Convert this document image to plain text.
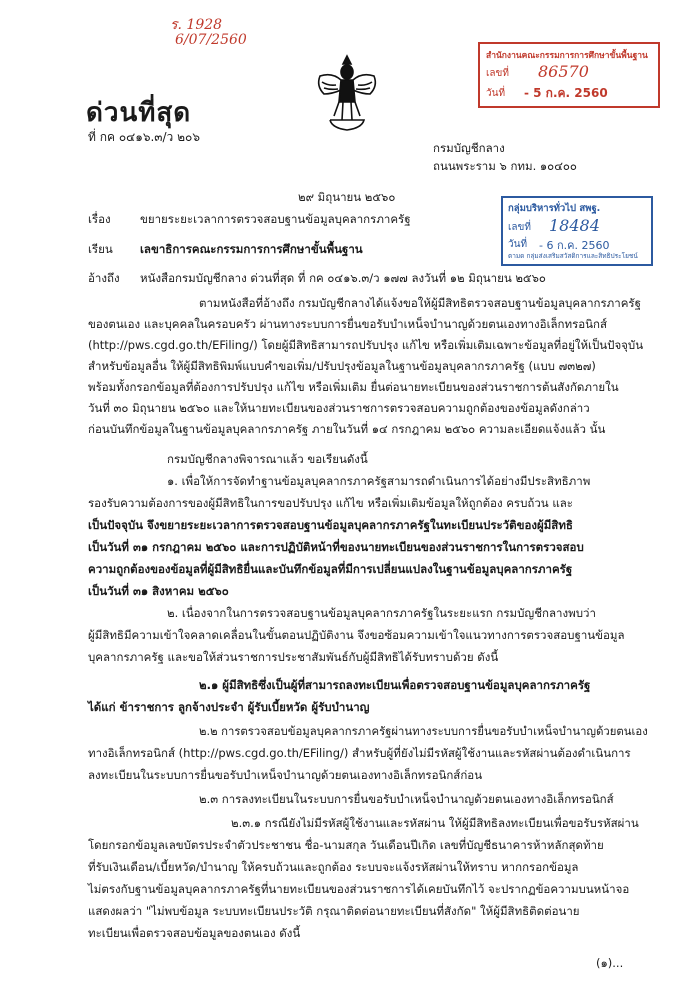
ร. 1928
6/07/2560
ด่วนที่สุด
ที่ กค ๐๔๑๖.๓/ว ๒๐๖
สำนักงานคณะกรรมการการศึกษาขั้นพื้นฐาน
เลขที่ 86570
วันที่ - 5 ก.ค. 2560
กรมบัญชีกลาง
ถนนพระราม ๖ กทม. ๑๐๔๐๐
กลุ่มบริหารทั่วไป สพฐ.
เลขที่ 18484
วันที่ - 6 ก.ค. 2560
ตามด กลุ่มส่งเสริมสวัสดิการและสิทธิประโยชน์
๒๙ มิถุนายน ๒๕๖๐
เรื่อง	ขยายระยะเวลาการตรวจสอบฐานข้อมูลบุคลากรภาครัฐ
เรียน เลขาธิการคณะกรรมการการศึกษาขั้นพื้นฐาน
อ้างถึง หนังสือกรมบัญชีกลาง ด่วนที่สุด ที่ กค ๐๔๑๖.๓/ว ๑๗๗ ลงวันที่ ๑๒ มิถุนายน ๒๕๖๐
ตามหนังสือที่อ้างถึง กรมบัญชีกลางได้แจ้งขอให้ผู้มีสิทธิตรวจสอบฐานข้อมูลบุคลากรภาครัฐ
ของตนเอง และบุคคลในครอบครัว ผ่านทางระบบการยื่นขอรับบำเหน็จบำนาญด้วยตนเองทางอิเล็กทรอนิกส์
(http://pws.cgd.go.th/EFiling/) โดยผู้มีสิทธิสามารถปรับปรุง แก้ไข หรือเพิ่มเติมเฉพาะข้อมูลที่อยู่ให้เป็นปัจจุบัน
สำหรับข้อมูลอื่น ให้ผู้มีสิทธิพิมพ์แบบคำขอเพิ่ม/ปรับปรุงข้อมูลในฐานข้อมูลบุคลากรภาครัฐ (แบบ ๗๓๒๗)
พร้อมทั้งกรอกข้อมูลที่ต้องการปรับปรุง แก้ไข หรือเพิ่มเติม ยื่นต่อนายทะเบียนของส่วนราชการต้นสังกัดภายใน
วันที่ ๓๐ มิถุนายน ๒๕๖๐ และให้นายทะเบียนของส่วนราชการตรวจสอบความถูกต้องของข้อมูลดังกล่าว
ก่อนบันทึกข้อมูลในฐานข้อมูลบุคลากรภาครัฐ ภายในวันที่ ๑๔ กรกฎาคม ๒๕๖๐ ความละเอียดแจ้งแล้ว นั้น
กรมบัญชีกลางพิจารณาแล้ว ขอเรียนดังนี้
๑. เพื่อให้การจัดทำฐานข้อมูลบุคลากรภาครัฐสามารถดำเนินการได้อย่างมีประสิทธิภาพ
รองรับความต้องการของผู้มีสิทธิในการขอปรับปรุง แก้ไข หรือเพิ่มเติมข้อมูลให้ถูกต้อง ครบถ้วน และ
เป็นปัจจุบัน จึงขยายระยะเวลาการตรวจสอบฐานข้อมูลบุคลากรภาครัฐในทะเบียนประวัติของผู้มีสิทธิ
เป็นวันที่ ๓๑ กรกฎาคม ๒๕๖๐ และการปฏิบัติหน้าที่ของนายทะเบียนของส่วนราชการในการตรวจสอบ
ความถูกต้องของข้อมูลที่ผู้มีสิทธิยื่นและบันทึกข้อมูลที่มีการเปลี่ยนแปลงในฐานข้อมูลบุคลากรภาครัฐ
เป็นวันที่ ๓๑ สิงหาคม ๒๕๖๐
๒. เนื่องจากในการตรวจสอบฐานข้อมูลบุคลากรภาครัฐในระยะแรก กรมบัญชีกลางพบว่า
ผู้มีสิทธิมีความเข้าใจคลาดเคลื่อนในขั้นตอนปฏิบัติงาน จึงขอซ้อมความเข้าใจแนวทางการตรวจสอบฐานข้อมูล
บุคลากรภาครัฐ และขอให้ส่วนราชการประชาสัมพันธ์กับผู้มีสิทธิได้รับทราบด้วย ดังนี้
๒.๑ ผู้มีสิทธิซึ่งเป็นผู้ที่สามารถลงทะเบียนเพื่อตรวจสอบฐานข้อมูลบุคลากรภาครัฐ
ได้แก่ ข้าราชการ ลูกจ้างประจำ ผู้รับเบี้ยหวัด ผู้รับบำนาญ
๒.๒ การตรวจสอบข้อมูลบุคลากรภาครัฐผ่านทางระบบการยื่นขอรับบำเหน็จบำนาญด้วยตนเอง
ทางอิเล็กทรอนิกส์ (http://pws.cgd.go.th/EFiling/) สำหรับผู้ที่ยังไม่มีรหัสผู้ใช้งานและรหัสผ่านต้องดำเนินการ
ลงทะเบียนในระบบการยื่นขอรับบำเหน็จบำนาญด้วยตนเองทางอิเล็กทรอนิกส์ก่อน
๒.๓ การลงทะเบียนในระบบการยื่นขอรับบำเหน็จบำนาญด้วยตนเองทางอิเล็กทรอนิกส์
๒.๓.๑ กรณียังไม่มีรหัสผู้ใช้งานและรหัสผ่าน ให้ผู้มีสิทธิลงทะเบียนเพื่อขอรับรหัสผ่าน
โดยกรอกข้อมูลเลขบัตรประจำตัวประชาชน ชื่อ-นามสกุล วันเดือนปีเกิด เลขที่บัญชีธนาคารห้าหลักสุดท้าย
ที่รับเงินเดือน/เบี้ยหวัด/บำนาญ ให้ครบถ้วนและถูกต้อง ระบบจะแจ้งรหัสผ่านให้ทราบ หากกรอกข้อมูล
ไม่ตรงกับฐานข้อมูลบุคลากรภาครัฐที่นายทะเบียนของส่วนราชการได้เคยบันทึกไว้ จะปรากฏข้อความบนหน้าจอ
แสดงผลว่า "ไม่พบข้อมูล ระบบทะเบียนประวัติ กรุณาติดต่อนายทะเบียนที่สังกัด" ให้ผู้มีสิทธิติดต่อนาย
ทะเบียนเพื่อตรวจสอบข้อมูลของตนเอง ดังนี้
(๑)...
